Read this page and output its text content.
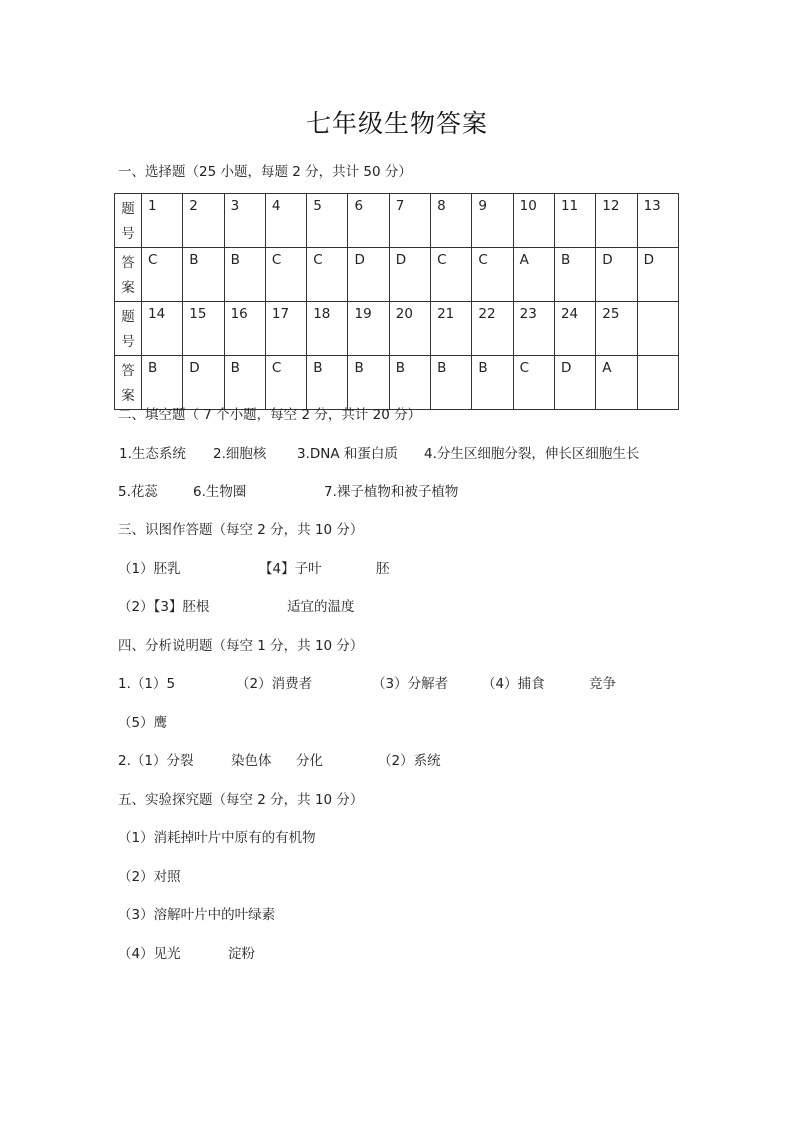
七年级生物答案
一、选择题（25 小题，每题 2 分，共计 50 分）
题号	1	2	3	4	5	6	7	8	9	10	11	12	13
答案	C	B	B	C	C	D	D	C	C	A	B	D	D
题号	14	15	16	17	18	19	20	21	22	23	24	25	
答案	B	D	B	C	B	B	B	B	B	C	D	A	
二、填空题（ 7 个小题，每空 2 分，共计 20 分）
1.生态系统 2.细胞核 3.DNA 和蛋白质 4.分生区细胞分裂，伸长区细胞生长
5.花蕊	6.生物圈	7.裸子植物和被子植物
三、识图作答题（每空 2 分，共 10 分）
（1）胚乳	【4】子叶	胚
（2）【3】胚根	适宜的温度
四、分析说明题（每空 1 分，共 10 分）
1.（1）5	（2）消费者	（3）分解者	（4）捕食	竞争
（5）鹰
2.（1）分裂	染色体 分化	（2）系统
五、实验探究题（每空 2 分，共 10 分）
（1）消耗掉叶片中原有的有机物
（2）对照
（3）溶解叶片中的叶绿素
（4）见光	淀粉
